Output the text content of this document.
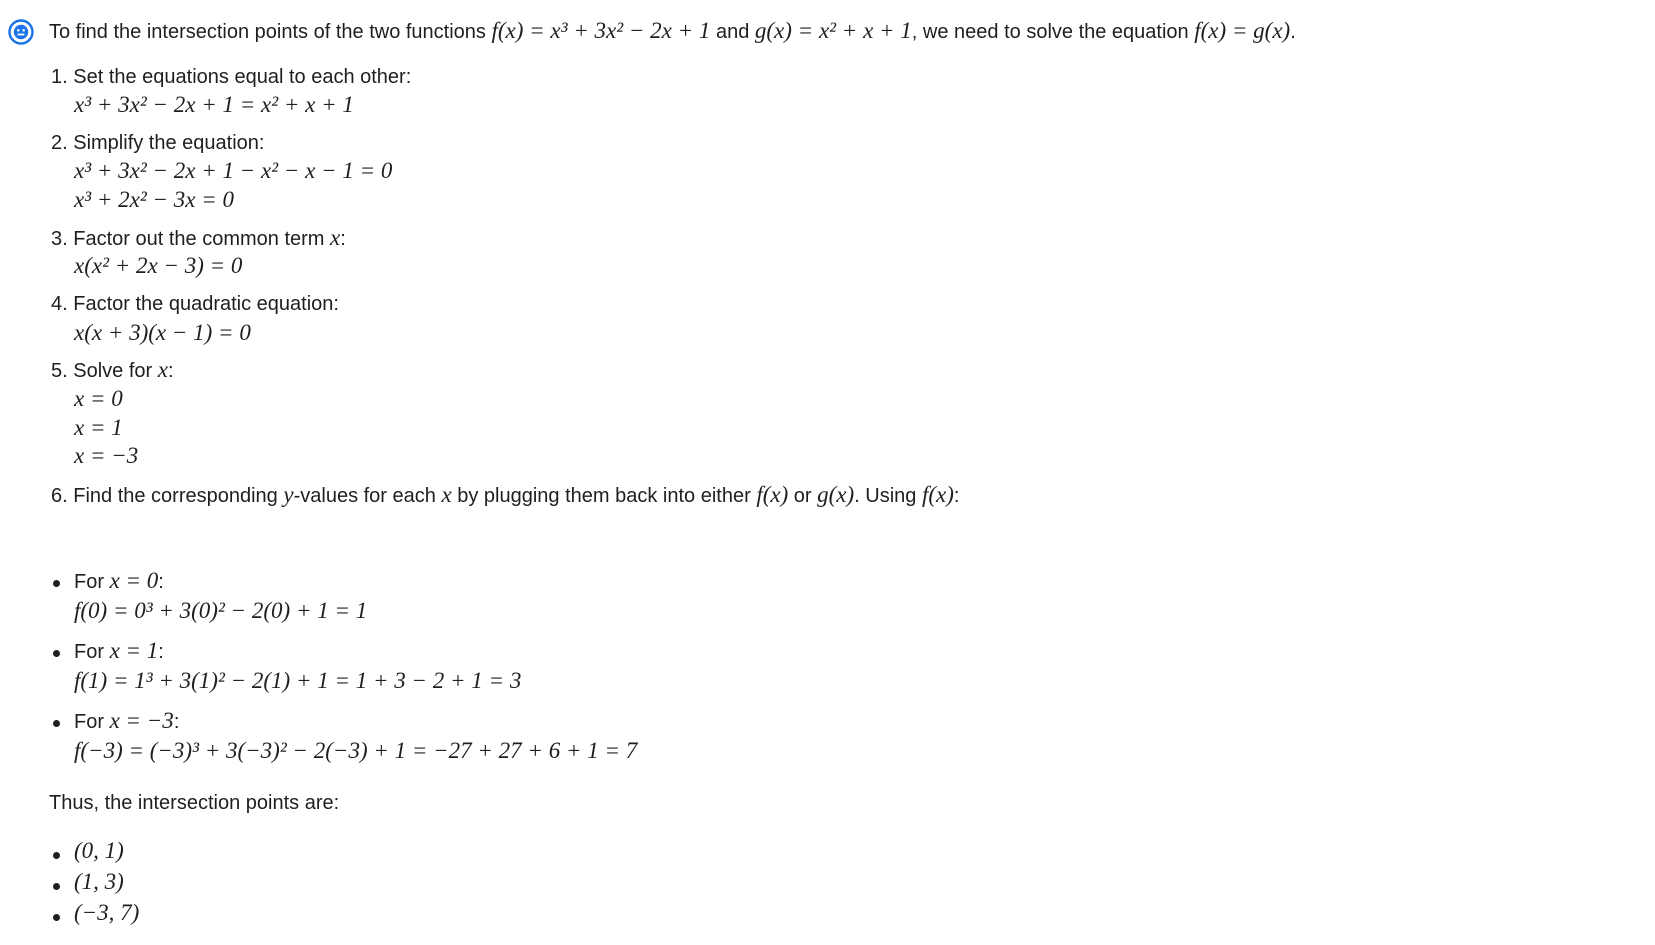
To find the intersection points of the two functions f(x) = x³ + 3x² − 2x + 1 and g(x) = x² + x + 1, we need to solve the equation f(x) = g(x).
1. Set the equations equal to each other:
x³ + 3x² − 2x + 1 = x² + x + 1
2. Simplify the equation:
x³ + 3x² − 2x + 1 − x² − x − 1 = 0
x³ + 2x² − 3x = 0
3. Factor out the common term x:
x(x² + 2x − 3) = 0
4. Factor the quadratic equation:
x(x + 3)(x − 1) = 0
5. Solve for x:
x = 0
x = 1
x = −3
6. Find the corresponding y-values for each x by plugging them back into either f(x) or g(x). Using f(x):
For x = 0:
f(0) = 0³ + 3(0)² − 2(0) + 1 = 1
For x = 1:
f(1) = 1³ + 3(1)² − 2(1) + 1 = 1 + 3 − 2 + 1 = 3
For x = −3:
f(−3) = (−3)³ + 3(−3)² − 2(−3) + 1 = −27 + 27 + 6 + 1 = 7
Thus, the intersection points are:
(0, 1)
(1, 3)
(−3, 7)
